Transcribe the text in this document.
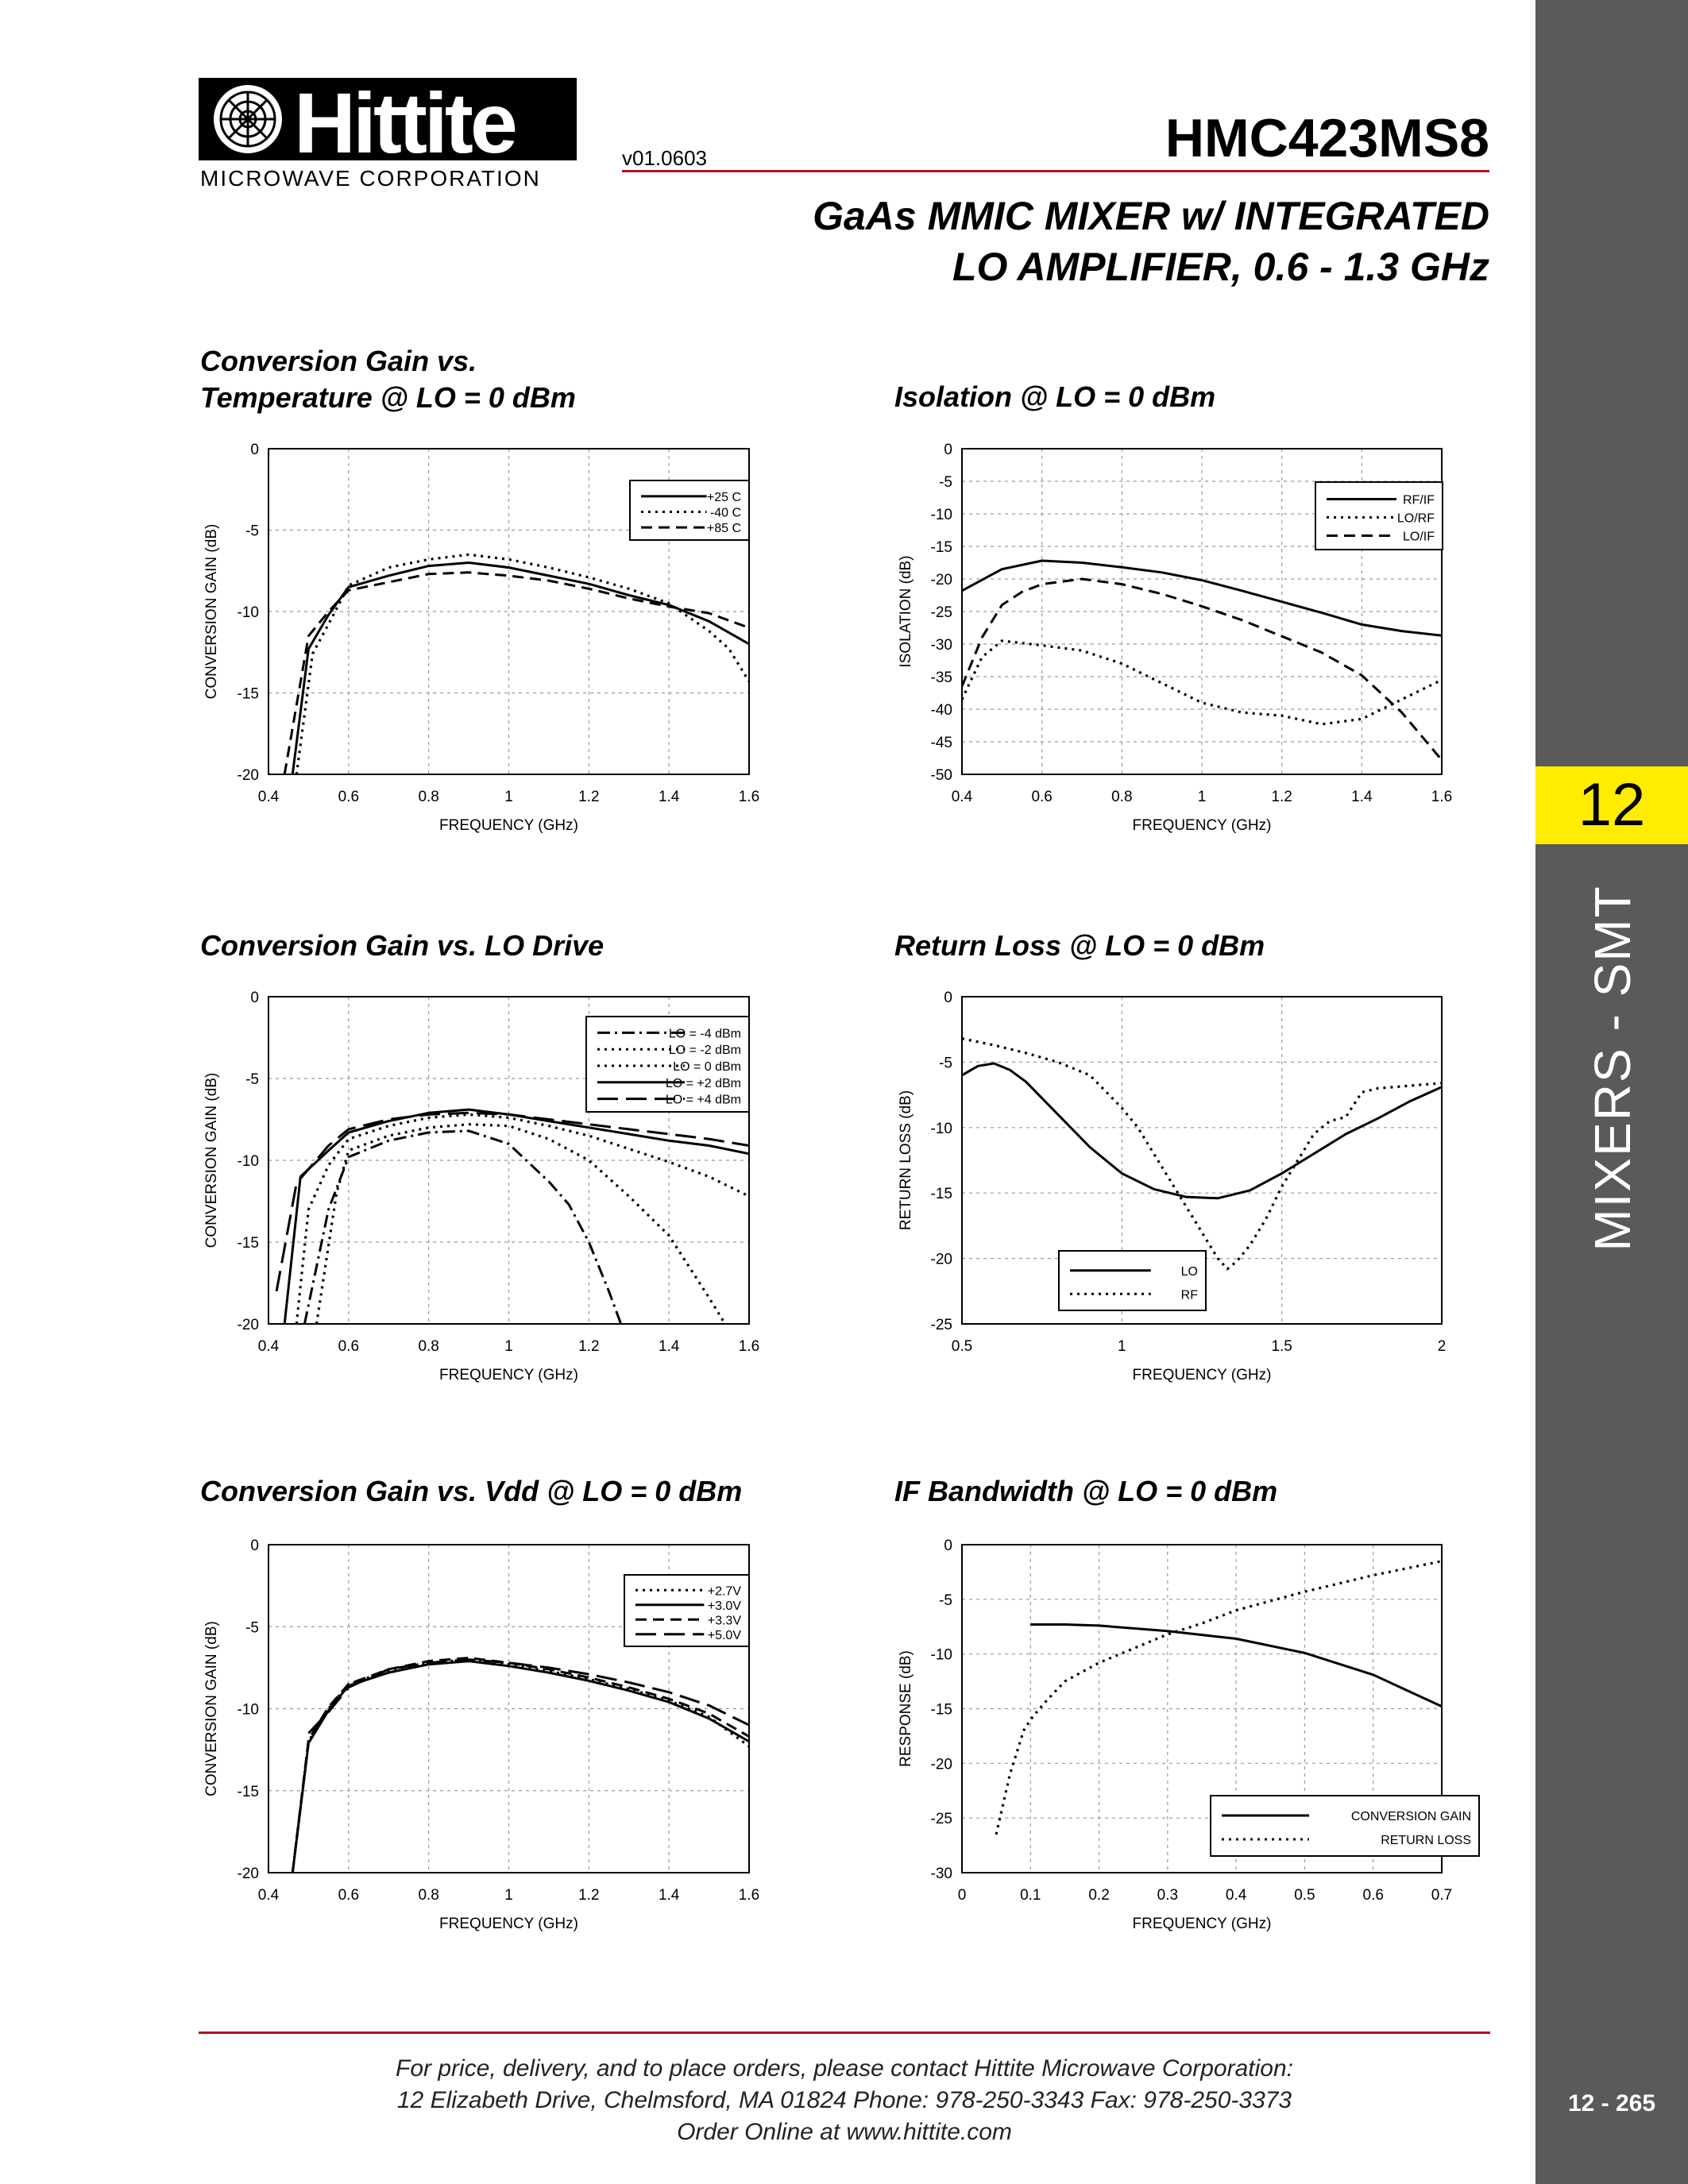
Hittite
MICROWAVE CORPORATION
v01.0603	HMC423MS8
GaAs MMIC MIXER w/ INTEGRATED
LO AMPLIFIER, 0.6 - 1.3 GHz
12
MIXERS - SMT
12 - 265
Conversion Gain vs.
Temperature @ LO = 0 dBm	Isolation @ LO = 0 dBm
Conversion Gain vs. LO Drive	Return Loss @ LO = 0 dBm
Conversion Gain vs. Vdd @ LO = 0 dBm	IF Bandwidth @ LO = 0 dBm
0.4	0.6	0.8	1	1.2	1.4	1.6
0
-5
-10
-15
-20
FREQUENCY (GHz)
CONVERSION GAIN (dB)
+25 C
-40 C
+85 C
0.4	0.6	0.8	1	1.2	1.4	1.6
0
-5
-10
-15
-20
-25
-30
-35
-40
-45
-50
FREQUENCY (GHz)
ISOLATION (dB)
RF/IF
LO/RF
LO/IF
0.4	0.6	0.8	1	1.2	1.4	1.6
0
-5
-10
-15
-20
FREQUENCY (GHz)
CONVERSION GAIN (dB)
LO = -4 dBm
LO = -2 dBm
LO = 0 dBm
LO = +2 dBm
LO = +4 dBm
0.5	1	1.5	2
0
-5
-10
-15
-20
-25
FREQUENCY (GHz)
RETURN LOSS (dB)
LO
RF
0.4	0.6	0.8	1	1.2	1.4	1.6
0
-5
-10
-15
-20
FREQUENCY (GHz)
CONVERSION GAIN (dB)
+2.7V
+3.0V
+3.3V
+5.0V
0	0.1	0.2	0.3	0.4	0.5	0.6	0.7
0
-5
-10
-15
-20
-25
-30
FREQUENCY (GHz)
RESPONSE (dB)
CONVERSION GAIN
RETURN LOSS
For price, delivery, and to place orders, please contact Hittite Microwave Corporation:
12 Elizabeth Drive, Chelmsford, MA 01824 Phone: 978-250-3343 Fax: 978-250-3373
Order Online at www.hittite.com
